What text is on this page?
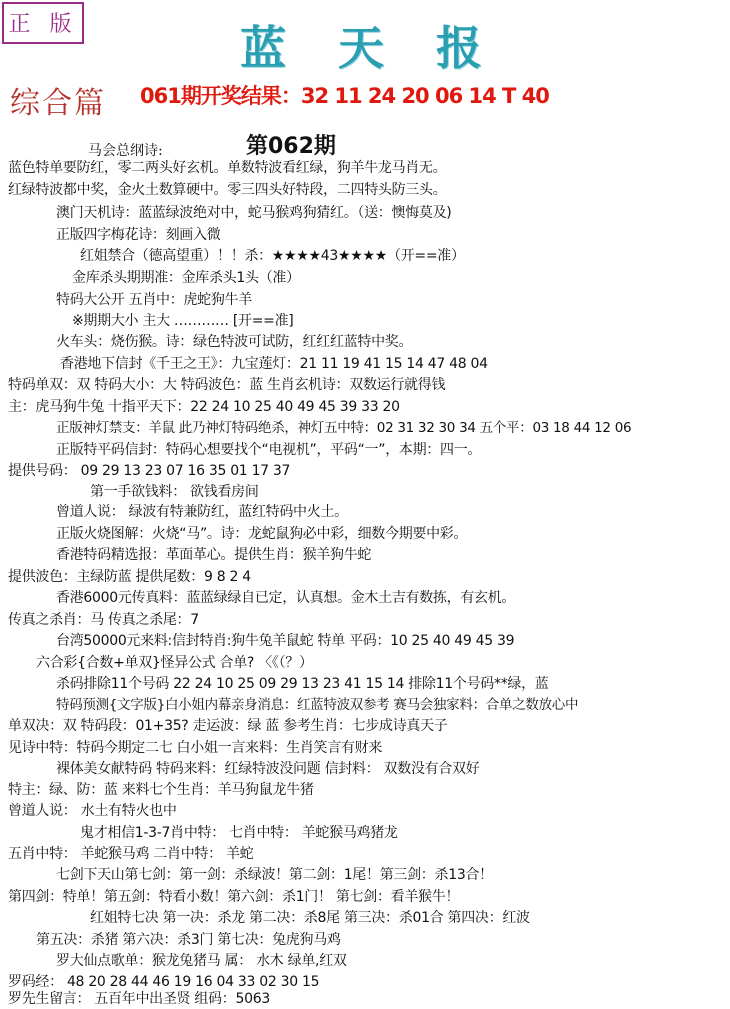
正 版	蓝天报
综合篇 061期开奖结果：32 11 24 20 06 14 T 40
马会总纲诗:	第062期
蓝色特单要防红，零二两头好玄机。单数特波看红绿，狗羊牛龙马肖无。
红绿特波都中奖，金火土数算硬中。零三四头好特段，二四特头防三头。
澳门天机诗：蓝蓝绿波绝对中，蛇马猴鸡狗猜红。（送：懊悔莫及)
正版四字梅花诗：刻画入微
红姐禁合（德高望重）！！杀：★★★★43★★★★（开==准）
金库杀头期期准：金库杀头1头（准）
特码大公开 五肖中：虎蛇狗牛羊
※期期大小 主大 ………… [开==准]
火车头：烧伤猴。诗：绿色特波可试防，红红红蓝特中奖。
香港地下信封《千王之王》：九宝莲灯：21 11 19 41 15 14 47 48 04
特码单双：双 特码大小：大 特码波色：蓝 生肖玄机诗：双数运行就得钱
主：虎马狗牛兔 十指平天下：22 24 10 25 40 49 45 39 33 20
正版神灯禁支：羊鼠 此乃神灯特码绝杀，神灯五中特：02 31 32 30 34 五个平：03 18 44 12 06
正版特平码信封：特码心想要找个“电视机”，平码“一”，本期：四一。
提供号码： 09 29 13 23 07 16 35 01 17 37
第一手欲钱料： 欲钱看房间
曾道人说： 绿波有特兼防红，蓝红特码中火土。
正版火烧图解：火烧“马”。诗：龙蛇鼠狗必中彩，细数今期要中彩。
香港特码精选报：革面革心。提供生肖：猴羊狗牛蛇
提供波色：主绿防蓝 提供尾数：9 8 2 4
香港6000元传真料：蓝蓝绿绿自已定，认真想。金木土吉有数拣，有玄机。
传真之杀肖：马 传真之杀尾：7
台湾50000元来料:信封特肖:狗牛兔羊鼠蛇 特单 平码：10 25 40 49 45 39
六合彩{合数+单双}怪异公式 合单? 〈《（？）
杀码排除11个号码 22 24 10 25 09 29 13 23 41 15 14 排除11个号码**绿，蓝
特码预测{文字版}白小姐内幕亲身消息：红蓝特波双参考 赛马会独家料：合单之数放心中
单双决：双 特码段：01+35? 走运波：绿 蓝 参考生肖：七步成诗真天子
见诗中特：特码今期定二七 白小姐一言来料：生肖笑言有财来
裸体美女献特码 特码来料：红绿特波没问题 信封料： 双数没有合双好
特主：绿、防：蓝 来料七个生肖：羊马狗鼠龙牛猪
曾道人说： 水土有特火也中
鬼才相信1-3-7肖中特： 七肖中特： 羊蛇猴马鸡猪龙
五肖中特： 羊蛇猴马鸡 二肖中特： 羊蛇
七剑下天山第七剑：第一剑：杀绿波！第二剑：1尾！第三剑：杀13合！
第四剑：特单！第五剑：特看小数！第六剑：杀1门！ 第七剑：看羊猴牛！
红姐特七决 第一决：杀龙 第二决：杀8尾 第三决：杀01合 第四决：红波
第五决：杀猪 第六决：杀3门 第七决：兔虎狗马鸡
罗大仙点歌单：猴龙兔猪马 属： 水木 绿单,红双
罗码经： 48 20 28 44 46 19 16 04 33 02 30 15
罗先生留言： 五百年中出圣贤 组码：5063
